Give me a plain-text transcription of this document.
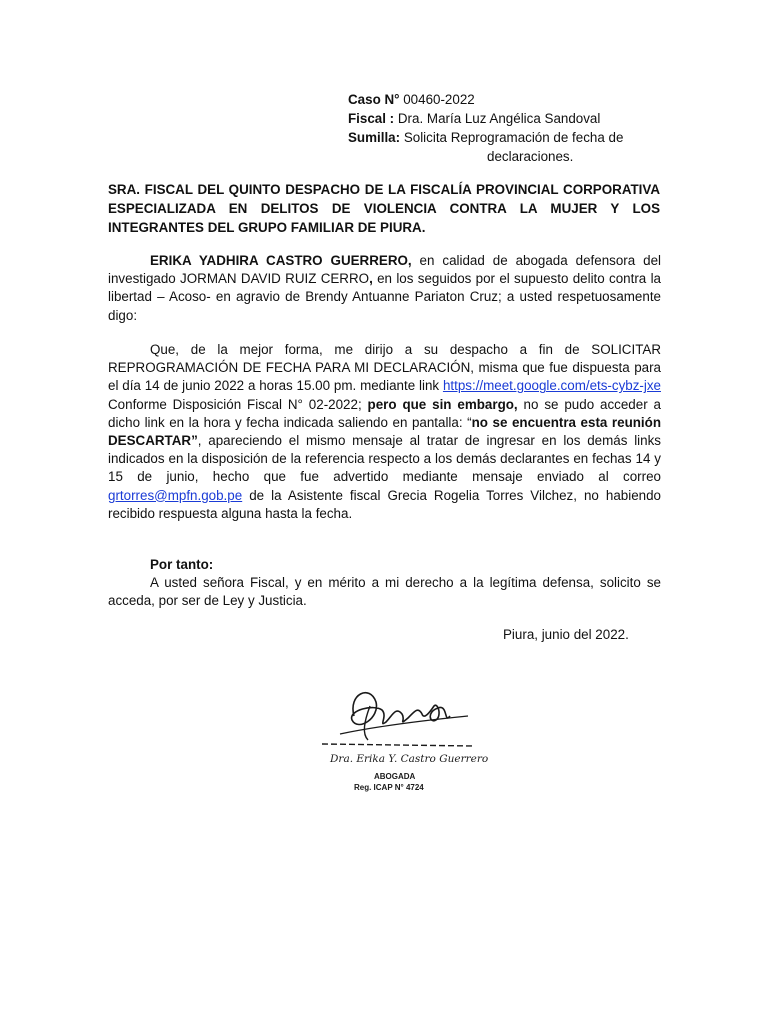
Caso N° 00460-2022
Fiscal : Dra. María Luz Angélica Sandoval
Sumilla: Solicita Reprogramación de fecha de
declaraciones.
SRA. FISCAL DEL QUINTO DESPACHO DE LA FISCALÍA PROVINCIAL CORPORATIVA ESPECIALIZADA EN DELITOS DE VIOLENCIA CONTRA LA MUJER Y LOS INTEGRANTES DEL GRUPO FAMILIAR DE PIURA.
ERIKA YADHIRA CASTRO GUERRERO, en calidad de abogada defensora del investigado JORMAN DAVID RUIZ CERRO, en los seguidos por el supuesto delito contra la libertad – Acoso- en agravio de Brendy Antuanne Pariaton Cruz; a usted respetuosamente digo:
Que, de la mejor forma, me dirijo a su despacho a fin de SOLICITAR REPROGRAMACIÓN DE FECHA PARA MI DECLARACIÓN, misma que fue dispuesta para el día 14 de junio 2022 a horas 15.00 pm. mediante link https://meet.google.com/ets-cybz-jxe Conforme Disposición Fiscal N° 02-2022; pero que sin embargo, no se pudo acceder a dicho link en la hora y fecha indicada saliendo en pantalla: “no se encuentra esta reunión DESCARTAR”, apareciendo el mismo mensaje al tratar de ingresar en los demás links indicados en la disposición de la referencia respecto a los demás declarantes en fechas 14 y 15 de junio, hecho que fue advertido mediante mensaje enviado al correo grtorres@mpfn.gob.pe de la Asistente fiscal Grecia Rogelia Torres Vilchez, no habiendo recibido respuesta alguna hasta la fecha.
Por tanto:
A usted señora Fiscal, y en mérito a mi derecho a la legítima defensa, solicito se acceda, por ser de Ley y Justicia.
Piura, junio del 2022.
Dra. Erika Y. Castro Guerrero
ABOGADA
Reg. ICAP N° 4724
